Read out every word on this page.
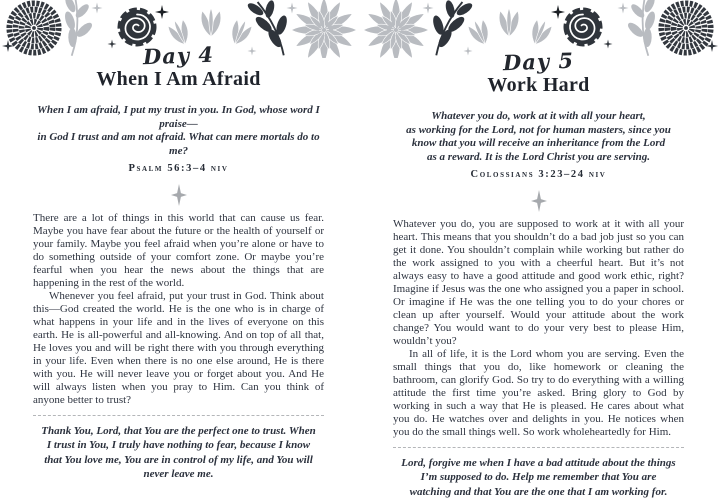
Day 4
When I Am Afraid
When I am afraid, I put my trust in you. In God, whose word I praise—
in God I trust and am not afraid. What can mere mortals do to me?
Psalm 56:3–4 niv

There are a lot of things in this world that can cause us fear. Maybe you have fear about the future or the health of yourself or your family. Maybe you feel afraid when you’re alone or have to do something outside of your comfort zone. Or maybe you’re fearful when you hear the news about the things that are happening in the rest of the world.

Whenever you feel afraid, put your trust in God. Think about this—God created the world. He is the one who is in charge of what happens in your life and in the lives of everyone on this earth. He is all-powerful and all-knowing. And on top of all that, He loves you and will be right there with you through everything in your life. Even when there is no one else around, He is there with you. He will never leave you or forget about you. And He will always listen when you pray to Him. Can you think of anyone better to trust?

Thank You, Lord, that You are the perfect one to trust. When I trust in You, I truly have nothing to fear, because I know that You love me, You are in control of my life, and You will never leave me.
Day 5
Work Hard
Whatever you do, work at it with all your heart,
as working for the Lord, not for human masters, since you
know that you will receive an inheritance from the Lord
as a reward. It is the Lord Christ you are serving.
Colossians 3:23–24 niv

Whatever you do, you are supposed to work at it with all your heart. This means that you shouldn’t do a bad job just so you can get it done. You shouldn’t complain while working but rather do the work assigned to you with a cheerful heart. But it’s not always easy to have a good attitude and good work ethic, right? Imagine if Jesus was the one who assigned you a paper in school. Or imagine if He was the one telling you to do your chores or clean up after yourself. Would your attitude about the work change? You would want to do your very best to please Him, wouldn’t you?

In all of life, it is the Lord whom you are serving. Even the small things that you do, like homework or cleaning the bathroom, can glorify God. So try to do everything with a willing attitude the first time you’re asked. Bring glory to God by working in such a way that He is pleased. He cares about what you do. He watches over and delights in you. He notices when you do the small things well. So work wholeheartedly for Him.

Lord, forgive me when I have a bad attitude about the things I’m supposed to do. Help me remember that You are watching and that You are the one that I am working for.
